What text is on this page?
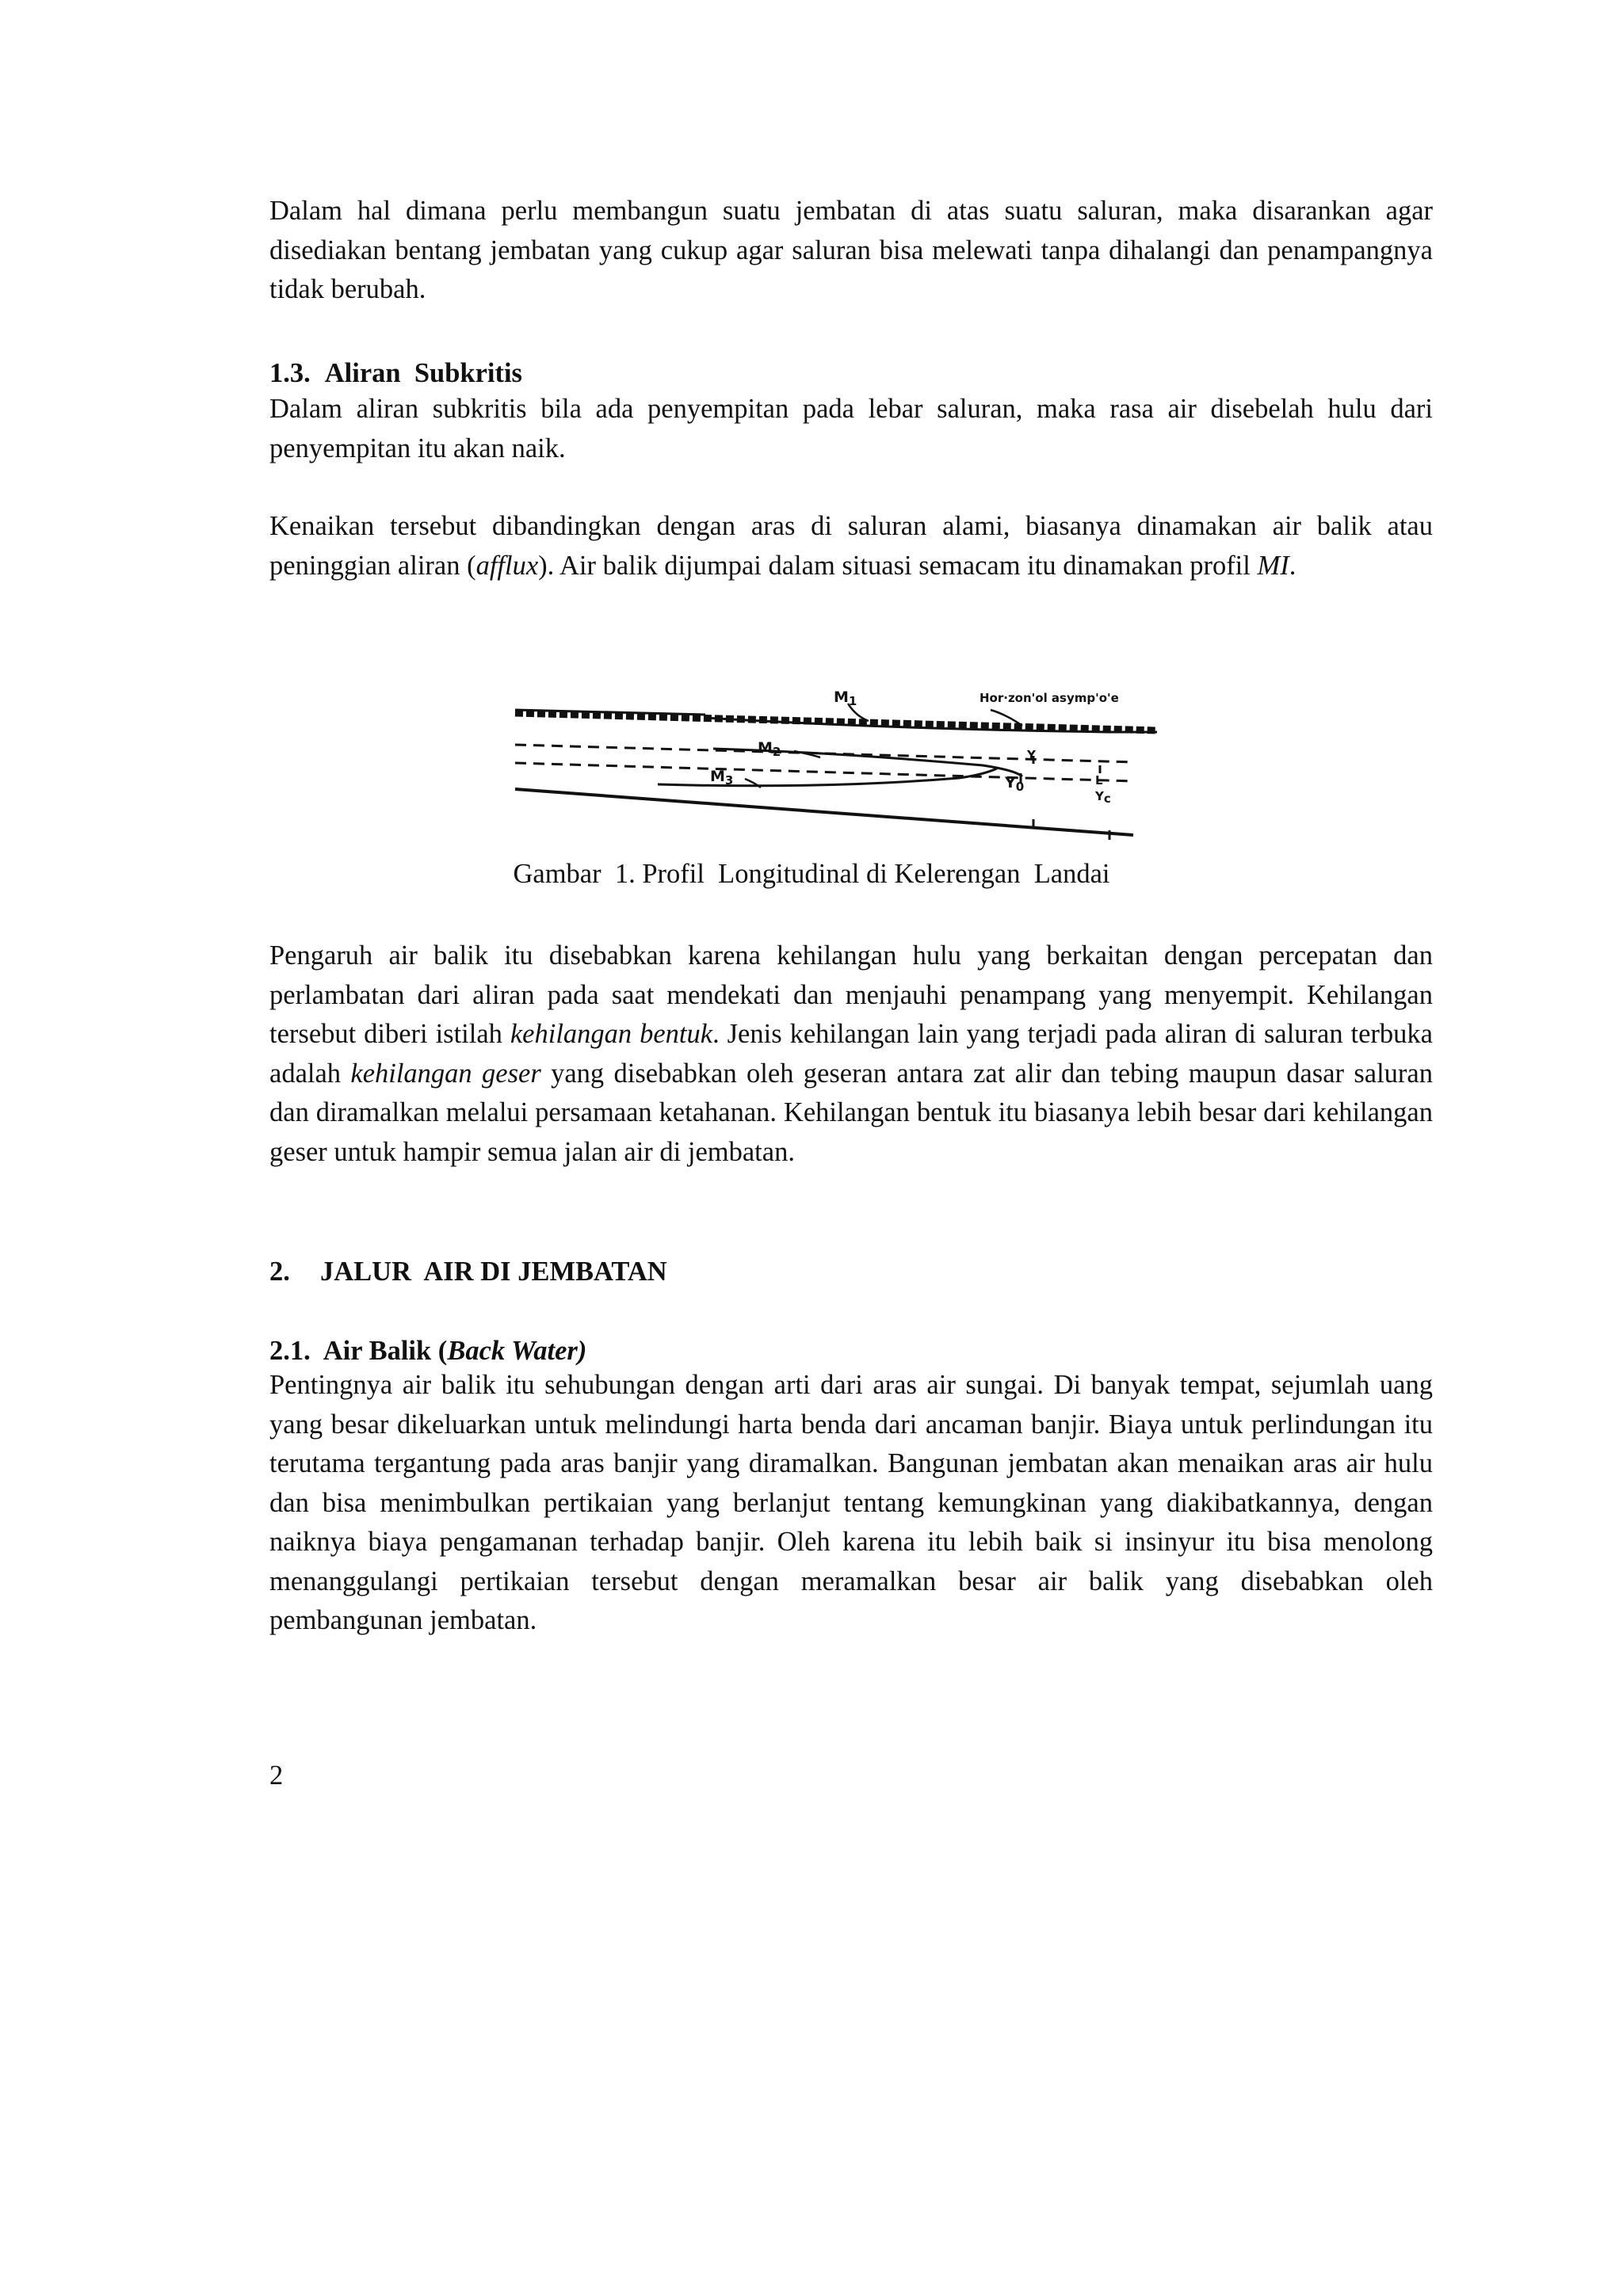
Dalam hal dimana perlu membangun suatu jembatan di atas suatu saluran, maka disarankan agar disediakan bentang jembatan yang cukup agar saluran bisa melewati tanpa dihalangi dan penampangnya tidak berubah.

1.3. Aliran  Subkritis

Dalam aliran subkritis bila ada penyempitan pada lebar saluran, maka rasa air disebelah hulu dari penyempitan itu akan naik.

Kenaikan tersebut dibandingkan dengan aras di saluran alami, biasanya dinamakan air balik atau peninggian aliran (afflux). Air balik dijumpai dalam situasi semacam itu dinamakan profil MI.

$M_1$	Hor·zon'ol asymp'o'e
$M_2$
$M_3$
Y
$Y_0$
Yc
L

Gambar  1. Profil  Longitudinal di Kelerengan  Landai

Pengaruh air balik itu disebabkan karena kehilangan hulu yang berkaitan dengan percepatan dan perlambatan dari aliran pada saat mendekati dan menjauhi penampang yang menyempit. Kehilangan tersebut diberi istilah kehilangan bentuk. Jenis kehilangan lain yang terjadi pada aliran di saluran terbuka adalah kehilangan geser yang disebabkan oleh geseran antara zat alir dan tebing maupun dasar saluran dan diramalkan melalui persamaan ketahanan. Kehilangan bentuk itu biasanya lebih besar dari kehilangan geser untuk hampir semua jalan air di jembatan.

2. JALUR  AIR DI JEMBATAN

2.1. Air Balik (Back Water)

Pentingnya air balik itu sehubungan dengan arti dari aras air sungai. Di banyak tempat, sejumlah uang yang besar dikeluarkan untuk melindungi harta benda dari ancaman banjir. Biaya untuk perlindungan itu terutama tergantung pada aras banjir yang diramalkan. Bangunan jembatan akan menaikan aras air hulu dan bisa menimbulkan pertikaian yang berlanjut tentang kemungkinan yang diakibatkannya, dengan naiknya biaya pengamanan terhadap banjir. Oleh karena itu lebih baik si insinyur itu bisa menolong menanggulangi pertikaian tersebut dengan meramalkan besar air balik yang disebabkan oleh pembangunan jembatan.

2
